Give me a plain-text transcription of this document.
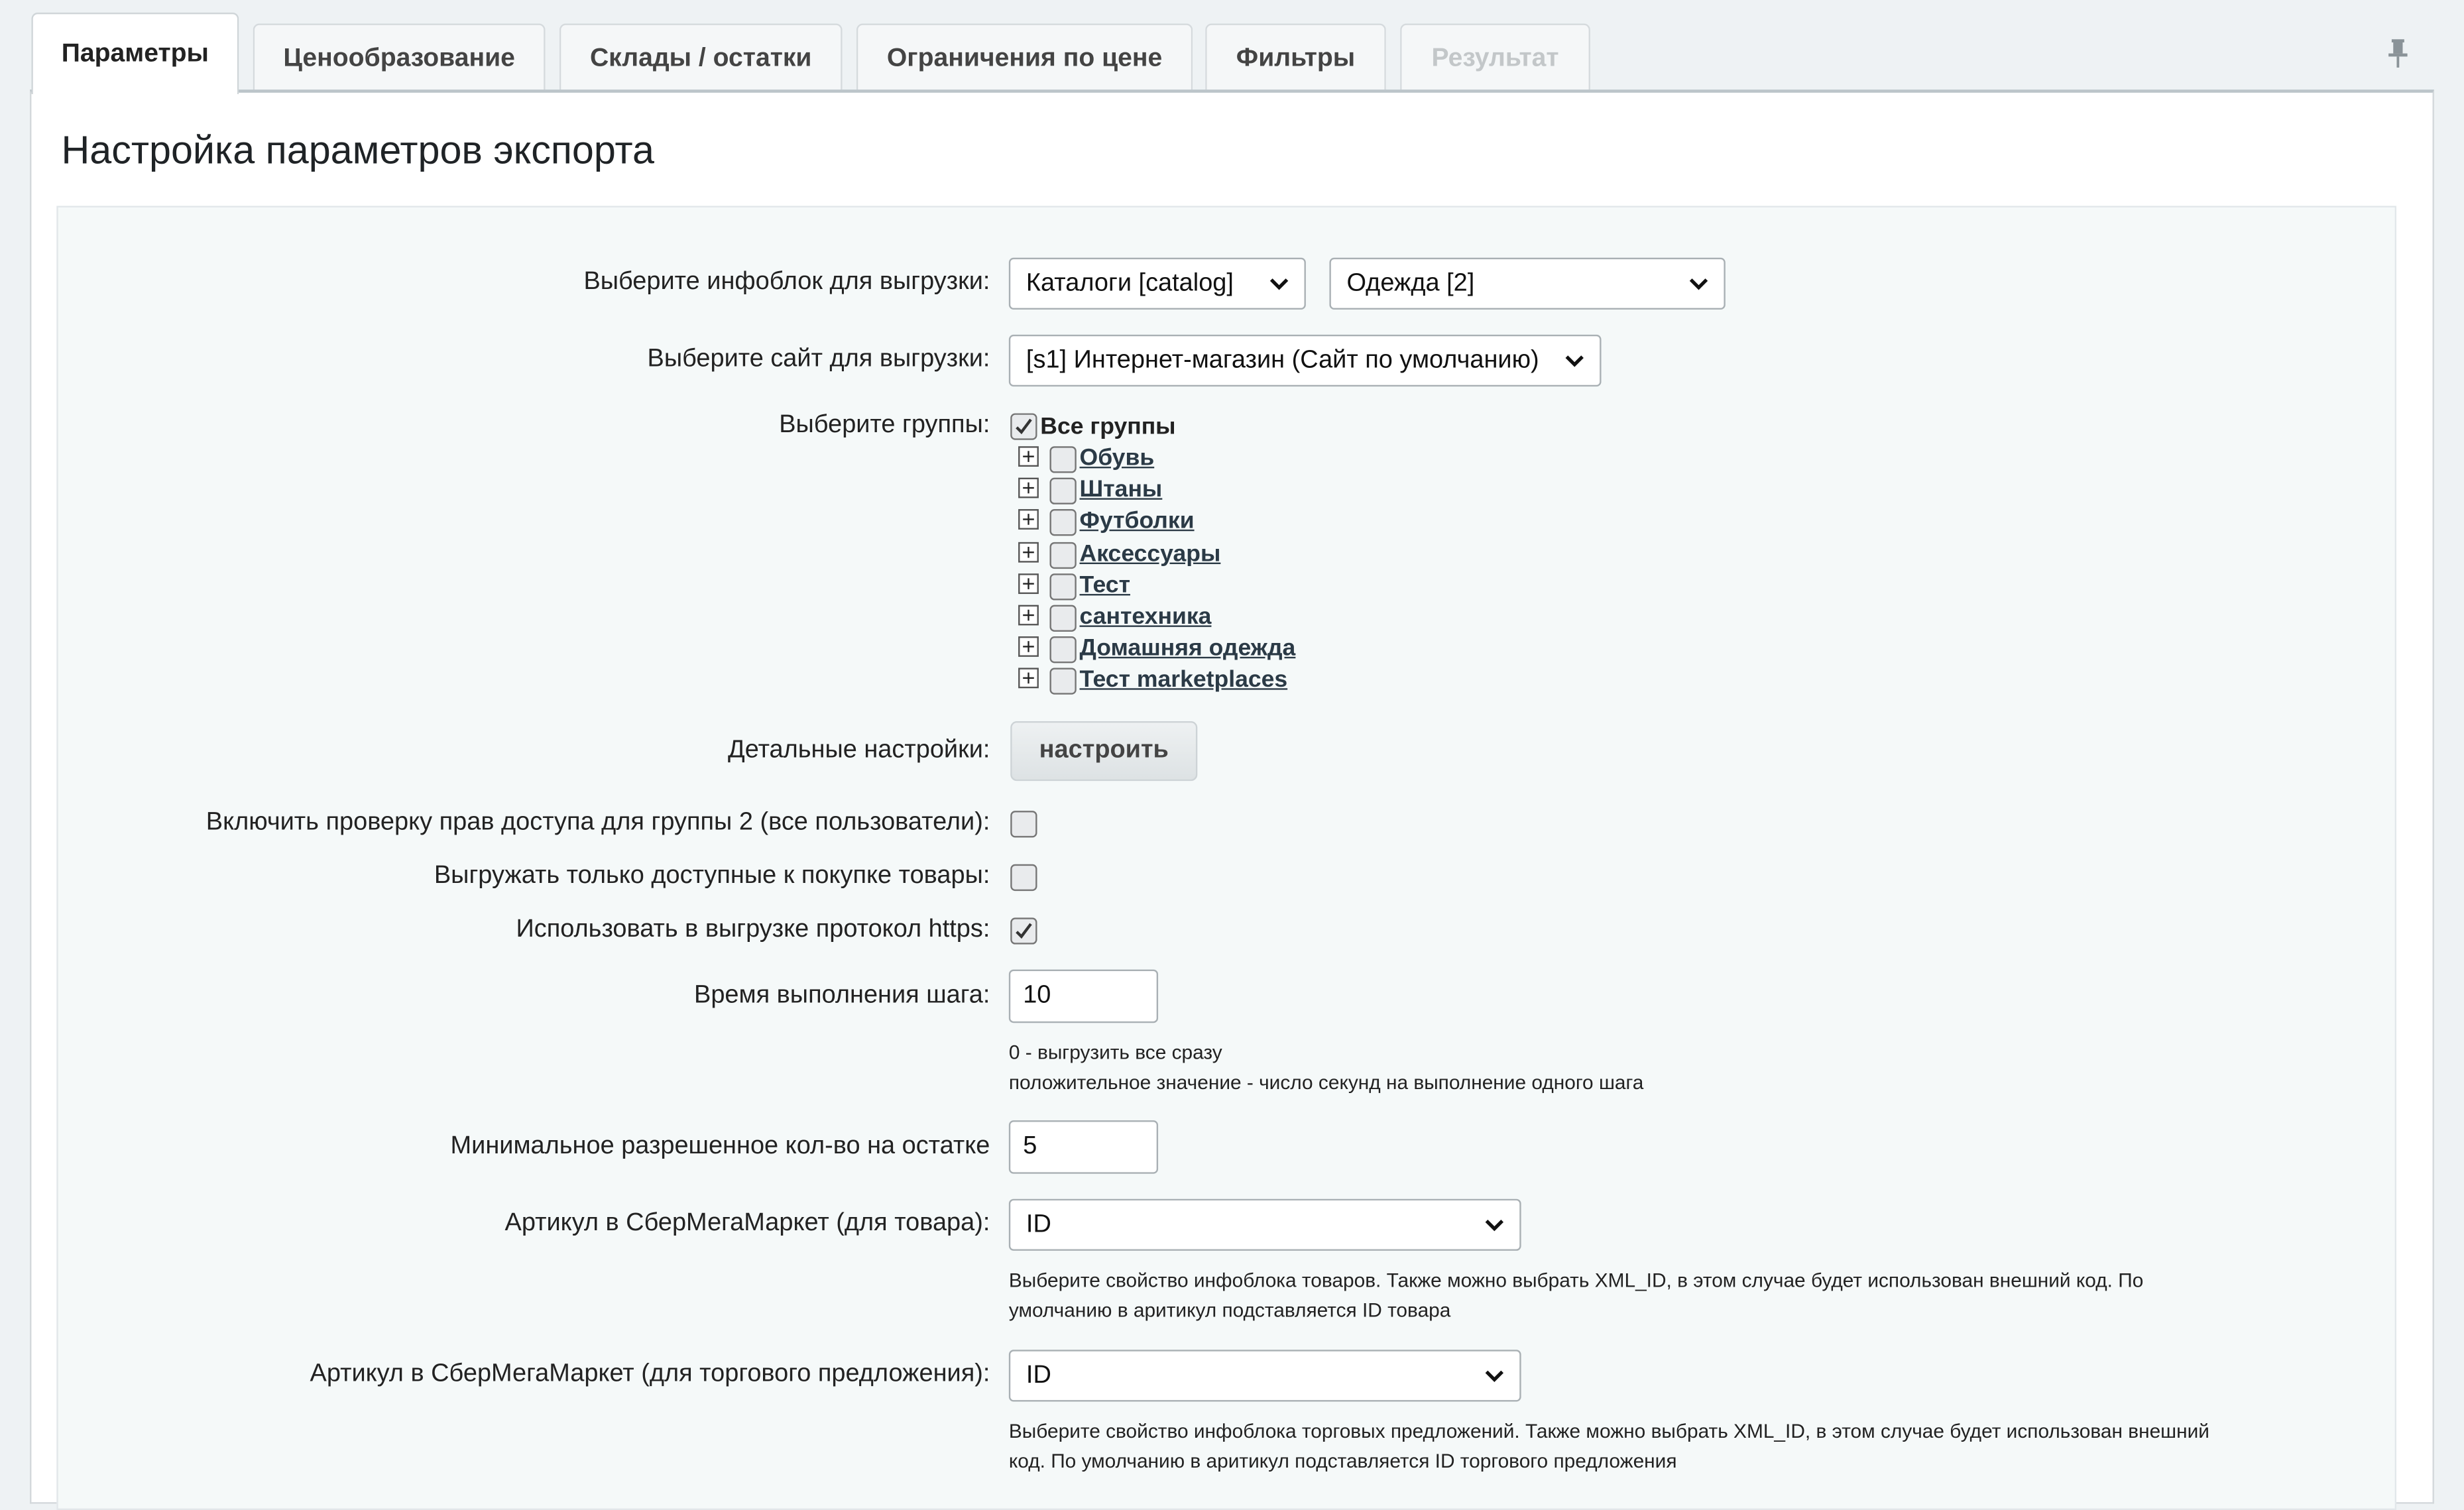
Параметры	Ценообразование	Склады / остатки	Ограничения по цене	Фильтры	Результат
Настройка параметров экспорта
Выберите инфоблок для выгрузки:	Каталоги [catalog]	Одежда [2]
Выберите сайт для выгрузки:	[s1] Интернет-магазин (Сайт по умолчанию)
Выберите группы:	Все группы
Обувь
Штаны
Футболки
Аксессуары
Тест
сантехника
Домашняя одежда
Тест marketplaces
Детальные настройки:	настроить
Включить проверку прав доступа для группы 2 (все пользователи):
Выгружать только доступные к покупке товары:
Использовать в выгрузке протокол https:
Время выполнения шага:	10
0 - выгрузить все сразу
положительное значение - число секунд на выполнение одного шага
Минимальное разрешенное кол-во на остатке	5
Артикул в СберМегаМаркет (для товара):	ID
Выберите свойство инфоблока товаров. Также можно выбрать XML_ID, в этом случае будет использован внешний код. По
умолчанию в аритикул подставляется ID товара
Артикул в СберМегаМаркет (для торгового предложения):	ID
Выберите свойство инфоблока торговых предложений. Также можно выбрать XML_ID, в этом случае будет использован внешний
код. По умолчанию в аритикул подставляется ID торгового предложения
